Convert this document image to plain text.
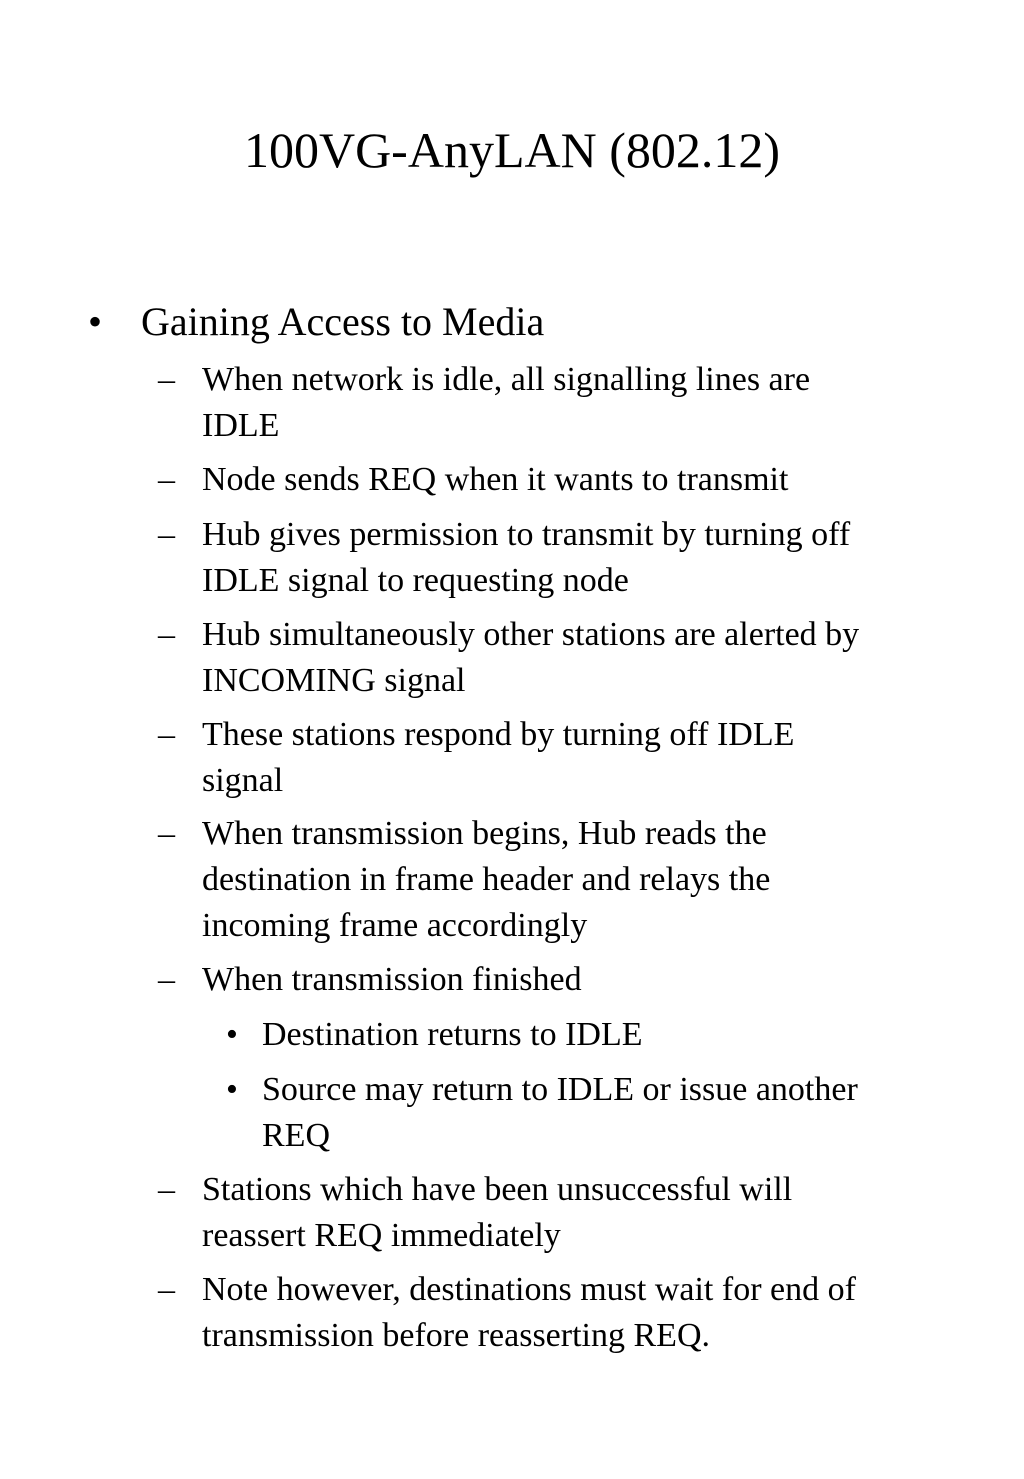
100VG-AnyLAN (802.12)
• Gaining Access to Media
– When network is idle, all signalling lines are
IDLE
– Node sends REQ when it wants to transmit
– Hub gives permission to transmit by turning off
IDLE signal to requesting node
– Hub simultaneously other stations are alerted by
INCOMING signal
– These stations respond by turning off IDLE
signal
– When transmission begins, Hub reads the
destination in frame header and relays the
incoming frame accordingly
– When transmission finished
• Destination returns to IDLE
• Source may return to IDLE or issue another
REQ
– Stations which have been unsuccessful will
reassert REQ immediately
– Note however, destinations must wait for end of
transmission before reasserting REQ.
